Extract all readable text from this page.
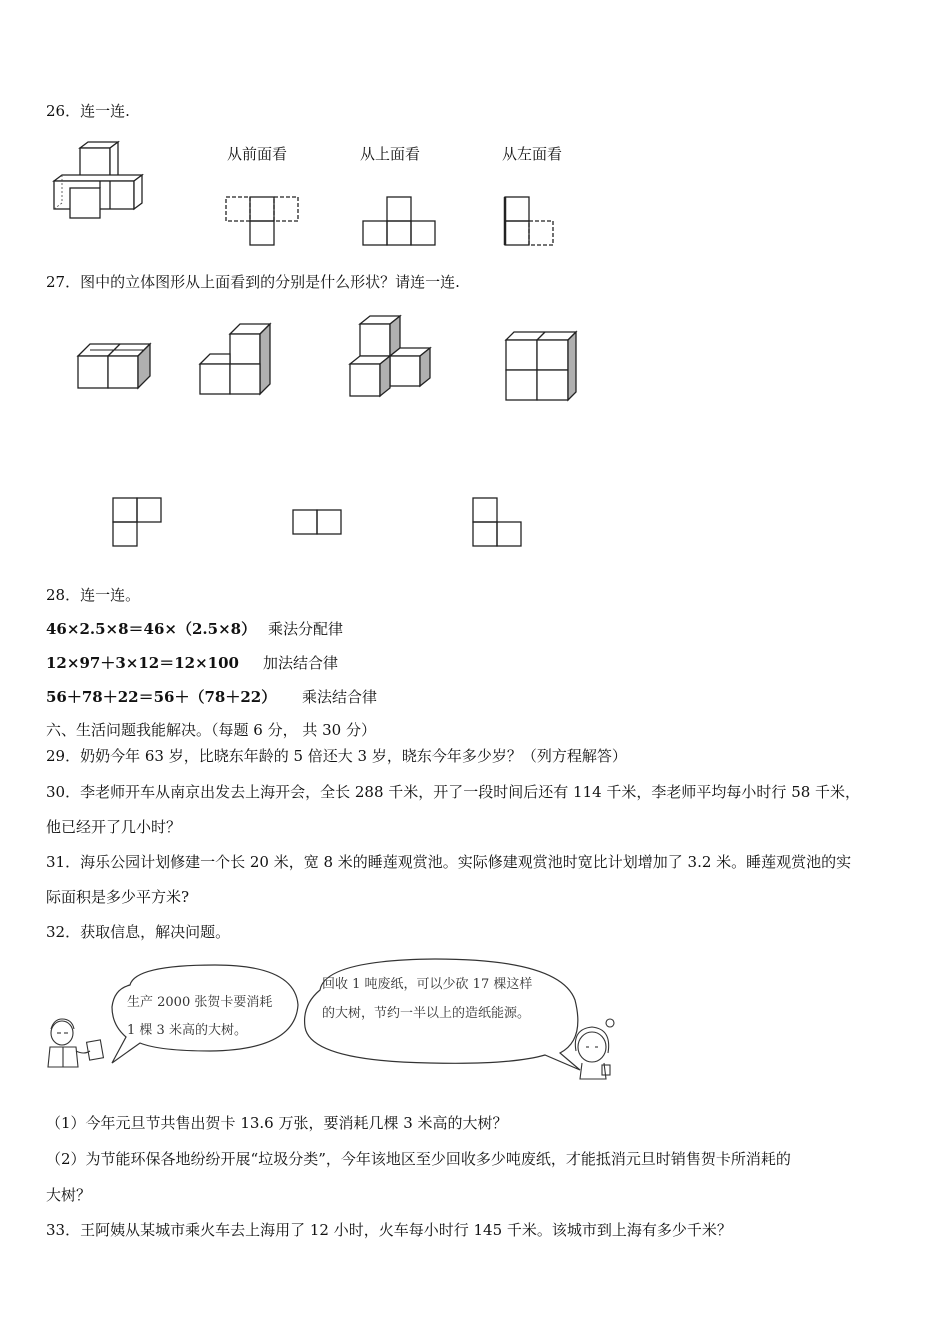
26．连一连.
从前面看	从上面看	从左面看
27．图中的立体图形从上面看到的分别是什么形状？请连一连.
28．连一连。
46×2.5×8＝46×（2.5×8） 乘法分配律
12×97＋3×12＝12×100 加法结合律
56＋78＋22＝56＋（78＋22） 乘法结合律
六、生活问题我能解决。（每题 6 分， 共 30 分）
29．奶奶今年 63 岁，比晓东年龄的 5 倍还大 3 岁，晓东今年多少岁？（列方程解答）
30．李老师开车从南京出发去上海开会，全长 288 千米，开了一段时间后还有 114 千米，李老师平均每小时行 58 千米，
他已经开了几小时？
31．海乐公园计划修建一个长 20 米，宽 8 米的睡莲观赏池。实际修建观赏池时宽比计划增加了 3.2 米。睡莲观赏池的实
际面积是多少平方米?
32．获取信息，解决问题。
生产 2000 张贺卡要消耗
1 棵 3 米高的大树。
回收 1 吨废纸，可以少砍 17 棵这样
的大树，节约一半以上的造纸能源。
（1）今年元旦节共售出贺卡 13.6 万张，要消耗几棵 3 米高的大树？
（2）为节能环保各地纷纷开展“垃圾分类”，今年该地区至少回收多少吨废纸，才能抵消元旦时销售贺卡所消耗的
大树？
33．王阿姨从某城市乘火车去上海用了 12 小时，火车每小时行 145 千米。该城市到上海有多少千米？
